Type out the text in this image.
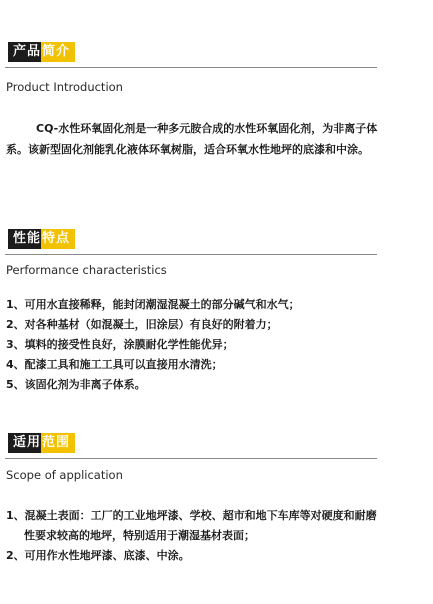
产品 简介
Product Introduction

CQ-水性环氧固化剂是一种多元胺合成的水性环氧固化剂，为非离子体系。该新型固化剂能乳化液体环氧树脂，适合环氧水性地坪的底漆和中涂。

性能 特点
Performance characteristics
1、可用水直接稀释，能封闭潮湿混凝土的部分碱气和水气；
2、对各种基材（如混凝土，旧涂层）有良好的附着力；
3、填料的接受性良好，涂膜耐化学性能优异；
4、配漆工具和施工工具可以直接用水清洗；
5、该固化剂为非离子体系。
适用 范围
Scope of application
1、混凝土表面：工厂的工业地坪漆、学校、超市和地下车库等对硬度和耐磨性要求较高的地坪，特别适用于潮湿基材表面；
2、可用作水性地坪漆、底漆、中涂。
